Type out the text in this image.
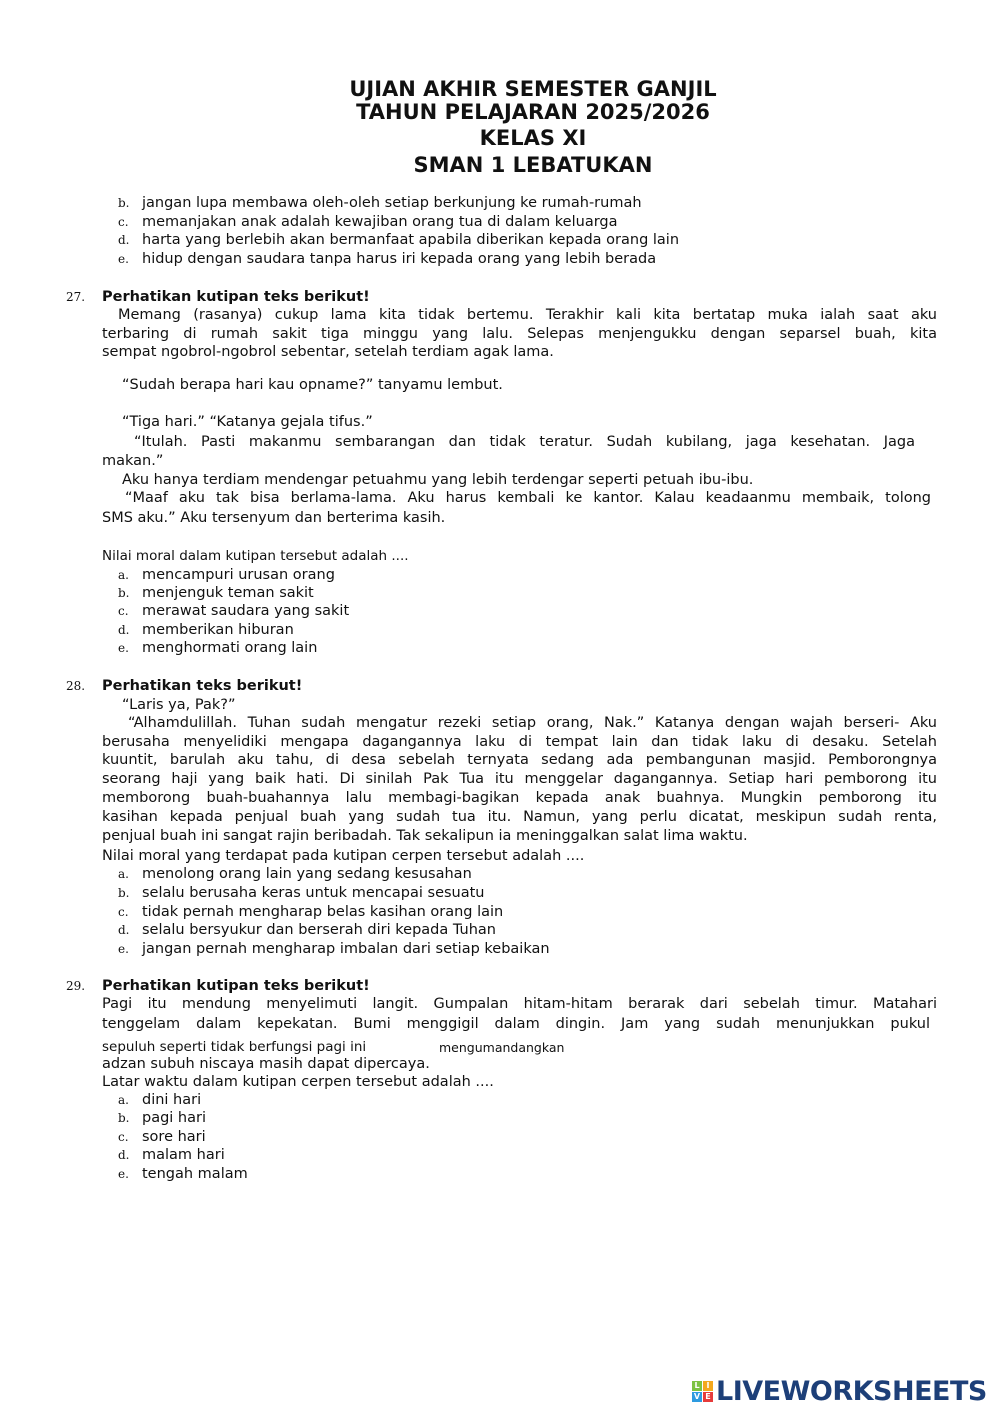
UJIAN AKHIR SEMESTER GANJIL
TAHUN PELAJARAN 2025/2026
KELAS XI
SMAN 1 LEBATUKAN
b. jangan lupa membawa oleh-oleh setiap berkunjung ke rumah-rumah
c. memanjakan anak adalah kewajiban orang tua di dalam keluarga
d. harta yang berlebih akan bermanfaat apabila diberikan kepada orang lain
e. hidup dengan saudara tanpa harus iri kepada orang yang lebih berada
27. Perhatikan kutipan teks berikut!
Memang (rasanya) cukup lama kita tidak bertemu. Terakhir kali kita bertatap muka ialah saat aku
terbaring di rumah sakit tiga minggu yang lalu. Selepas menjengukku dengan separsel buah, kita
sempat ngobrol-ngobrol sebentar, setelah terdiam agak lama.
“Sudah berapa hari kau opname?” tanyamu lembut.
“Tiga hari.” “Katanya gejala tifus.”
“Itulah. Pasti makanmu sembarangan dan tidak teratur. Sudah kubilang, jaga kesehatan. Jaga
makan.”
Aku hanya terdiam mendengar petuahmu yang lebih terdengar seperti petuah ibu-ibu.
“Maaf aku tak bisa berlama-lama. Aku harus kembali ke kantor. Kalau keadaanmu membaik, tolong
SMS aku.” Aku tersenyum dan berterima kasih.
Nilai moral dalam kutipan tersebut adalah ....
a. mencampuri urusan orang
b. menjenguk teman sakit
c. merawat saudara yang sakit
d. memberikan hiburan
e. menghormati orang lain
28. Perhatikan teks berikut!
“Laris ya, Pak?”
“Alhamdulillah. Tuhan sudah mengatur rezeki setiap orang, Nak.” Katanya dengan wajah berseri- Aku
berusaha menyelidiki mengapa dagangannya laku di tempat lain dan tidak laku di desaku. Setelah
kuuntit, barulah aku tahu, di desa sebelah ternyata sedang ada pembangunan masjid. Pemborongnya
seorang haji yang baik hati. Di sinilah Pak Tua itu menggelar dagangannya. Setiap hari pemborong itu
memborong buah-buahannya lalu membagi-bagikan kepada anak buahnya. Mungkin pemborong itu
kasihan kepada penjual buah yang sudah tua itu. Namun, yang perlu dicatat, meskipun sudah renta,
penjual buah ini sangat rajin beribadah. Tak sekalipun ia meninggalkan salat lima waktu.
Nilai moral yang terdapat pada kutipan cerpen tersebut adalah ....
a. menolong orang lain yang sedang kesusahan
b. selalu berusaha keras untuk mencapai sesuatu
c. tidak pernah mengharap belas kasihan orang lain
d. selalu bersyukur dan berserah diri kepada Tuhan
e. jangan pernah mengharap imbalan dari setiap kebaikan
29. Perhatikan kutipan teks berikut!
Pagi itu mendung menyelimuti langit. Gumpalan hitam-hitam berarak dari sebelah timur. Matahari
tenggelam dalam kepekatan. Bumi menggigil dalam dingin. Jam yang sudah menunjukkan pukul
sepuluh seperti tidak berfungsi pagi ini	mengumandangkan
adzan subuh niscaya masih dapat dipercaya.
Latar waktu dalam kutipan cerpen tersebut adalah ....
a. dini hari
b. pagi hari
c. sore hari
d. malam hari
e. tengah malam
L I
V E LIVEWORKSHEETS
